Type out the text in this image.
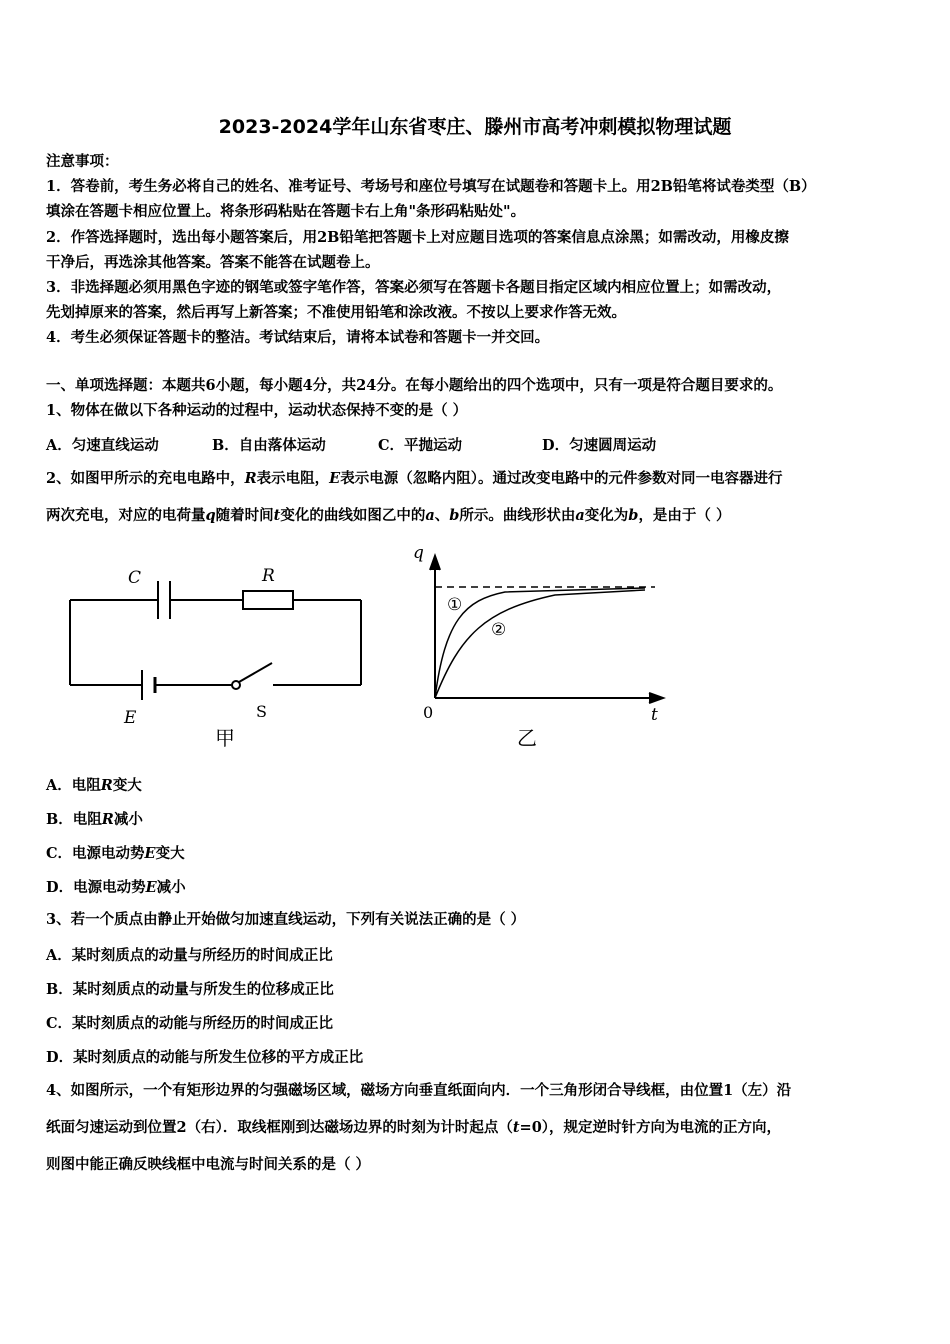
2023-2024学年山东省枣庄、滕州市高考冲刺模拟物理试题
注意事项：
1．答卷前，考生务必将自己的姓名、准考证号、考场号和座位号填写在试题卷和答题卡上。用2B铅笔将试卷类型（B）
填涂在答题卡相应位置上。将条形码粘贴在答题卡右上角"条形码粘贴处"。
2．作答选择题时，选出每小题答案后，用2B铅笔把答题卡上对应题目选项的答案信息点涂黑；如需改动，用橡皮擦
干净后，再选涂其他答案。答案不能答在试题卷上。
3．非选择题必须用黑色字迹的钢笔或签字笔作答，答案必须写在答题卡各题目指定区域内相应位置上；如需改动，
先划掉原来的答案，然后再写上新答案；不准使用铅笔和涂改液。不按以上要求作答无效。
4．考生必须保证答题卡的整洁。考试结束后，请将本试卷和答题卡一并交回。
一、单项选择题：本题共6小题，每小题4分，共24分。在每小题给出的四个选项中，只有一项是符合题目要求的。
1、物体在做以下各种运动的过程中，运动状态保持不变的是（ ）
A．匀速直线运动	B．自由落体运动	C．平抛运动	D．匀速圆周运动
2、如图甲所示的充电电路中，R表示电阻，E表示电源（忽略内阻）。通过改变电路中的元件参数对同一电容器进行
两次充电，对应的电荷量q随着时间t变化的曲线如图乙中的a、b所示。曲线形状由a变化为b，是由于（ ）
C	R
E	S
甲
q
t
0
①
②
乙
A．电阻R变大
B．电阻R减小
C．电源电动势E变大
D．电源电动势E减小
3、若一个质点由静止开始做匀加速直线运动，下列有关说法正确的是（ ）
A．某时刻质点的动量与所经历的时间成正比
B．某时刻质点的动量与所发生的位移成正比
C．某时刻质点的动能与所经历的时间成正比
D．某时刻质点的动能与所发生位移的平方成正比
4、如图所示，一个有矩形边界的匀强磁场区域，磁场方向垂直纸面向内．一个三角形闭合导线框，由位置1（左）沿
纸面匀速运动到位置2（右）．取线框刚到达磁场边界的时刻为计时起点（t=0），规定逆时针方向为电流的正方向，
则图中能正确反映线框中电流与时间关系的是（ ）
